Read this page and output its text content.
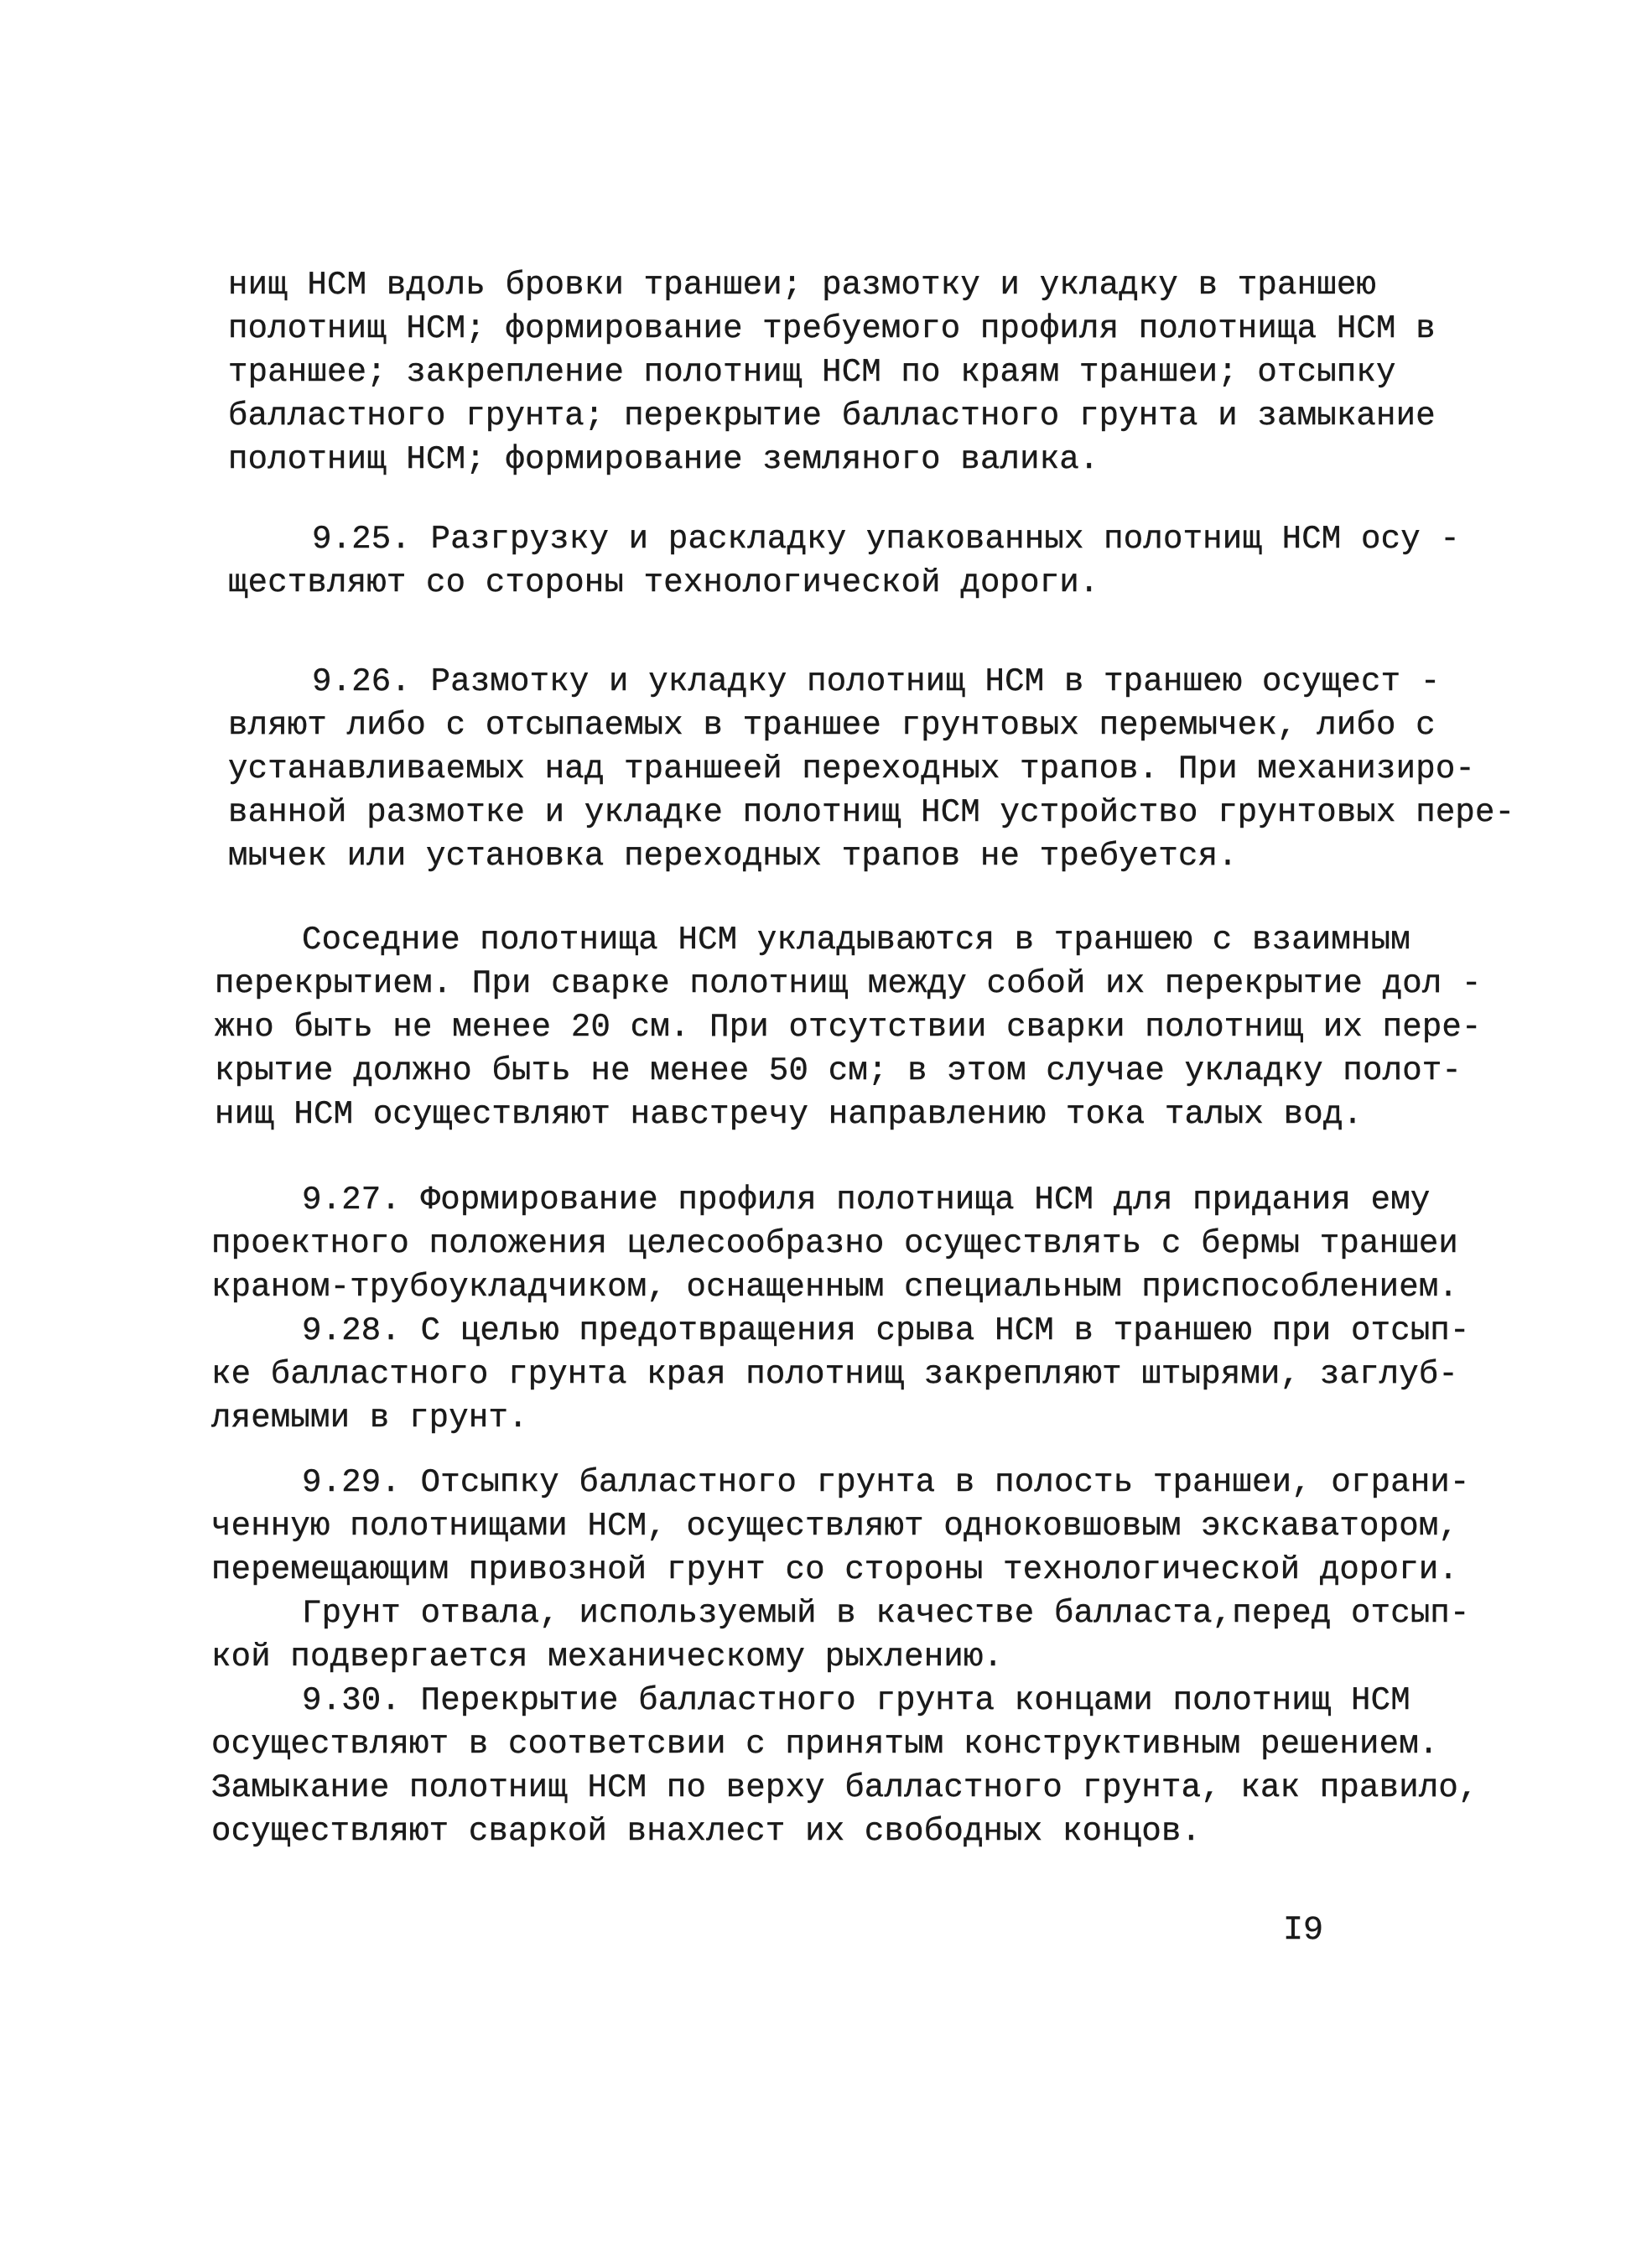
нищ НСМ вдоль бровки траншеи; размотку и укладку в траншею
полотнищ НСМ; формирование требуемого профиля полотнища НСМ в
траншее; закрепление полотнищ НСМ по краям траншеи; отсыпку
балластного грунта; перекрытие балластного грунта и замыкание
полотнищ НСМ; формирование земляного валика.
9.25. Разгрузку и раскладку упакованных полотнищ НСМ осу -
ществляют со стороны технологической дороги.
9.26. Размотку и укладку полотнищ НСМ в траншею осущест -
вляют либо с отсыпаемых в траншее грунтовых перемычек, либо с
устанавливаемых над траншеей переходных трапов. При механизиро-
ванной размотке и укладке полотнищ НСМ устройство грунтовых пере-
мычек или установка переходных трапов не требуется.
Соседние полотнища НСМ укладываются в траншею с взаимным
перекрытием. При сварке полотнищ между собой их перекрытие дол -
жно быть не менее 20 см. При отсутствии сварки полотнищ их пере-
крытие должно быть не менее 50 см; в этом случае укладку полот-
нищ НСМ осуществляют навстречу направлению тока талых вод.
9.27. Формирование профиля полотнища НСМ для придания ему
проектного положения целесообразно осуществлять с бермы траншеи
краном-трубоукладчиком, оснащенным специальным приспособлением.
9.28. С целью предотвращения срыва НСМ в траншею при отсып-
ке балластного грунта края полотнищ закрепляют штырями, заглуб-
ляемыми в грунт.
9.29. Отсыпку балластного грунта в полость траншеи, ограни-
ченную полотнищами НСМ, осуществляют одноковшовым экскаватором,
перемещающим привозной грунт со стороны технологической дороги.
Грунт отвала, используемый в качестве балласта,перед отсып-
кой подвергается механическому рыхлению.
9.30. Перекрытие балластного грунта концами полотнищ НСМ
осуществляют в соответсвии с принятым конструктивным решением.
Замыкание полотнищ НСМ по верху балластного грунта, как правило,
осуществляют сваркой внахлест их свободных концов.
I9
